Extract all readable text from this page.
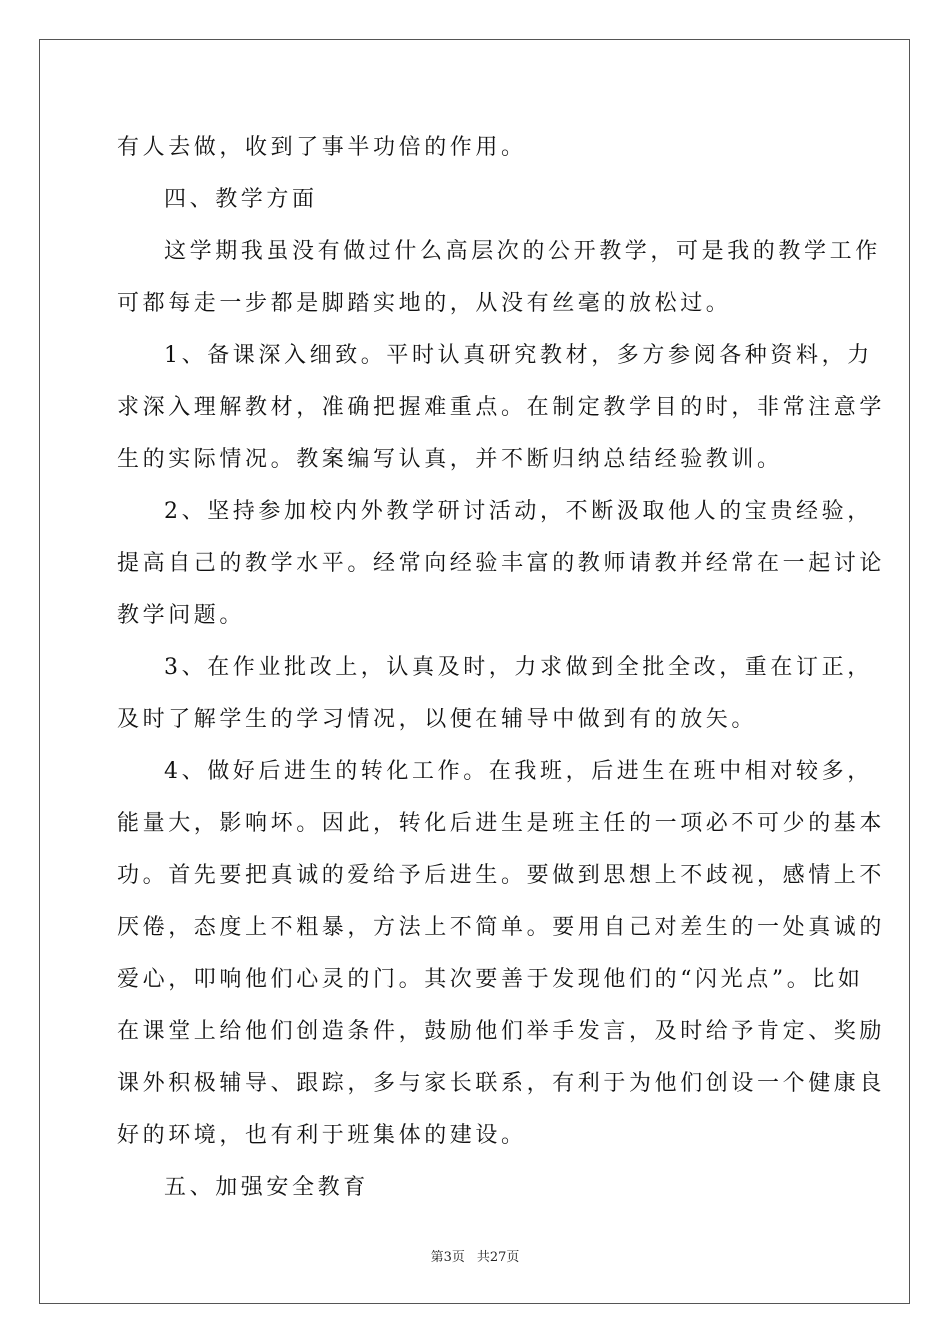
有人去做，收到了事半功倍的作用。
四、教学方面
这学期我虽没有做过什么高层次的公开教学，可是我的教学工作
可都每走一步都是脚踏实地的，从没有丝毫的放松过。
1、备课深入细致。平时认真研究教材，多方参阅各种资料，力
求深入理解教材，准确把握难重点。在制定教学目的时，非常注意学
生的实际情况。教案编写认真，并不断归纳总结经验教训。
2、坚持参加校内外教学研讨活动，不断汲取他人的宝贵经验，
提高自己的教学水平。经常向经验丰富的教师请教并经常在一起讨论
教学问题。
3、在作业批改上，认真及时，力求做到全批全改，重在订正，
及时了解学生的学习情况，以便在辅导中做到有的放矢。
4、做好后进生的转化工作。在我班，后进生在班中相对较多，
能量大，影响坏。因此，转化后进生是班主任的一项必不可少的基本
功。首先要把真诚的爱给予后进生。要做到思想上不歧视，感情上不
厌倦，态度上不粗暴，方法上不简单。要用自己对差生的一处真诚的
爱心，叩响他们心灵的门。其次要善于发现他们的“闪光点”。比如
在课堂上给他们创造条件，鼓励他们举手发言，及时给予肯定、奖励
课外积极辅导、跟踪，多与家长联系，有利于为他们创设一个健康良
好的环境，也有利于班集体的建设。
五、加强安全教育
第3页 共27页
